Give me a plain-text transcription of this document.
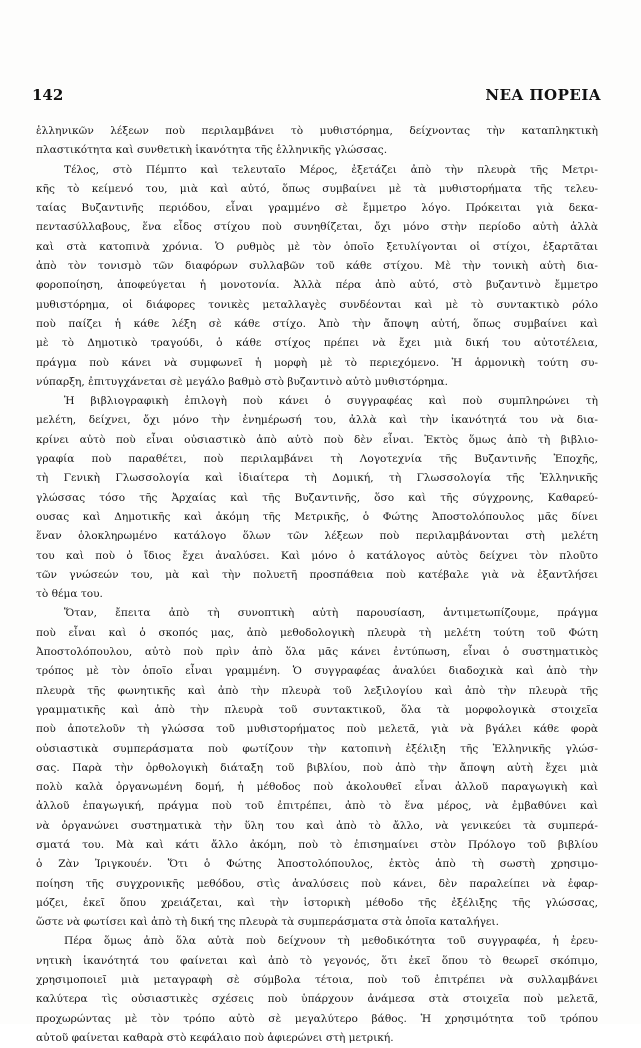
142	ΝΕΑ ΠΟΡΕΙΑ
ἑλληνικῶν λέξεων ποὺ περιλαμβάνει τὸ μυθιστόρημα, δείχνοντας τὴν καταπληκτικὴ
πλαστικότητα καὶ συνθετικὴ ἱκανότητα τῆς ἑλληνικῆς γλώσσας.
Τέλος, στὸ Πέμπτο καὶ τελευταῖο Μέρος, ἐξετάζει ἀπὸ τὴν πλευρὰ τῆς Μετρι-
κῆς τὸ κείμενό του, μιὰ καὶ αὐτό, ὅπως συμβαίνει μὲ τὰ μυθιστορήματα τῆς τελευ-
ταίας Βυζαντινῆς περιόδου, εἶναι γραμμένο σὲ ἔμμετρο λόγο. Πρόκειται γιὰ δεκα-
πεντασύλλαβους, ἕνα εἶδος στίχου ποὺ συνηθίζεται, ὄχι μόνο στὴν περίοδο αὐτὴ ἀλλὰ
καὶ στὰ κατοπινὰ χρόνια. Ὁ ρυθμὸς μὲ τὸν ὁποῖο ξετυλίγονται οἱ στίχοι, ἐξαρτᾶται
ἀπὸ τὸν τονισμὸ τῶν διαφόρων συλλαβῶν τοῦ κάθε στίχου. Μὲ τὴν τονικὴ αὐτὴ δια-
φοροποίηση, ἀποφεύγεται ἡ μονοτονία. Ἀλλὰ πέρα ἀπὸ αὐτό, στὸ βυζαντινὸ ἔμμετρο
μυθιστόρημα, οἱ διάφορες τονικὲς μεταλλαγὲς συνδέονται καὶ μὲ τὸ συντακτικὸ ρόλο
ποὺ παίζει ἡ κάθε λέξη σὲ κάθε στίχο. Ἀπὸ τὴν ἄποψη αὐτή, ὅπως συμβαίνει καὶ
μὲ τὸ Δημοτικὸ τραγούδι, ὁ κάθε στίχος πρέπει νὰ ἔχει μιὰ δική του αὐτοτέλεια,
πράγμα ποὺ κάνει νὰ συμφωνεῖ ἡ μορφὴ μὲ τὸ περιεχόμενο. Ἡ ἁρμονικὴ τούτη συ-
νύπαρξη, ἐπιτυγχάνεται σὲ μεγάλο βαθμὸ στὸ βυζαντινὸ αὐτὸ μυθιστόρημα.
Ἡ βιβλιογραφικὴ ἐπιλογὴ ποὺ κάνει ὁ συγγραφέας καὶ ποὺ συμπληρώνει τὴ
μελέτη, δείχνει, ὄχι μόνο τὴν ἐνημέρωσή του, ἀλλὰ καὶ τὴν ἱκανότητά του νὰ δια-
κρίνει αὐτὸ ποὺ εἶναι οὐσιαστικὸ ἀπὸ αὐτὸ ποὺ δὲν εἶναι. Ἐκτὸς ὅμως ἀπὸ τὴ βιβλιο-
γραφία ποὺ παραθέτει, ποὺ περιλαμβάνει τὴ Λογοτεχνία τῆς Βυζαντινῆς Ἐποχῆς,
τὴ Γενικὴ Γλωσσολογία καὶ ἰδιαίτερα τὴ Δομική, τὴ Γλωσσολογία τῆς Ἑλληνικῆς
γλώσσας τόσο τῆς Ἀρχαίας καὶ τῆς Βυζαντινῆς, ὅσο καὶ τῆς σύγχρονης, Καθαρεύ-
ουσας καὶ Δημοτικῆς καὶ ἀκόμη τῆς Μετρικῆς, ὁ Φώτης Ἀποστολόπουλος μᾶς δίνει
ἕναν ὁλοκληρωμένο κατάλογο ὅλων τῶν λέξεων ποὺ περιλαμβάνονται στὴ μελέτη
του καὶ ποὺ ὁ ἴδιος ἔχει ἀναλύσει. Καὶ μόνο ὁ κατάλογος αὐτὸς δείχνει τὸν πλοῦτο
τῶν γνώσεών του, μὰ καὶ τὴν πολυετῆ προσπάθεια ποὺ κατέβαλε γιὰ νὰ ἐξαντλήσει
τὸ θέμα του.
Ὅταν, ἔπειτα ἀπὸ τὴ συνοπτικὴ αὐτὴ παρουσίαση, ἀντιμετωπίζουμε, πράγμα
ποὺ εἶναι καὶ ὁ σκοπός μας, ἀπὸ μεθοδολογικὴ πλευρὰ τὴ μελέτη τούτη τοῦ Φώτη
Ἀποστολόπουλου, αὐτὸ ποὺ πρὶν ἀπὸ ὅλα μᾶς κάνει ἐντύπωση, εἶναι ὁ συστηματικὸς
τρόπος μὲ τὸν ὁποῖο εἶναι γραμμένη. Ὁ συγγραφέας ἀναλύει διαδοχικὰ καὶ ἀπὸ τὴν
πλευρὰ τῆς φωνητικῆς καὶ ἀπὸ τὴν πλευρὰ τοῦ λεξιλογίου καὶ ἀπὸ τὴν πλευρὰ τῆς
γραμματικῆς καὶ ἀπὸ τὴν πλευρὰ τοῦ συντακτικοῦ, ὅλα τὰ μορφολογικὰ στοιχεῖα
ποὺ ἀποτελοῦν τὴ γλώσσα τοῦ μυθιστορήματος ποὺ μελετᾶ, γιὰ νὰ βγάλει κάθε φορὰ
οὐσιαστικὰ συμπεράσματα ποὺ φωτίζουν τὴν κατοπινὴ ἐξέλιξη τῆς Ἑλληνικῆς γλώσ-
σας. Παρὰ τὴν ὀρθολογικὴ διάταξη τοῦ βιβλίου, ποὺ ἀπὸ τὴν ἄποψη αὐτὴ ἔχει μιὰ
πολὺ καλὰ ὀργανωμένη δομή, ἡ μέθοδος ποὺ ἀκολουθεῖ εἶναι ἀλλοῦ παραγωγικὴ καὶ
ἀλλοῦ ἐπαγωγική, πράγμα ποὺ τοῦ ἐπιτρέπει, ἀπὸ τὸ ἕνα μέρος, νὰ ἐμβαθύνει καὶ
νὰ ὀργανώνει συστηματικὰ τὴν ὕλη του καὶ ἀπὸ τὸ ἄλλο, νὰ γενικεύει τὰ συμπερά-
σματά του. Μὰ καὶ κάτι ἄλλο ἀκόμη, ποὺ τὸ ἐπισημαίνει στὸν Πρόλογο τοῦ βιβλίου
ὁ Ζὰν Ἰριγκουέν. Ὅτι ὁ Φώτης Ἀποστολόπουλος, ἐκτὸς ἀπὸ τὴ σωστὴ χρησιμο-
ποίηση τῆς συγχρονικῆς μεθόδου, στὶς ἀναλύσεις ποὺ κάνει, δὲν παραλείπει νὰ ἐφαρ-
μόζει, ἐκεῖ ὅπου χρειάζεται, καὶ τὴν ἱστορικὴ μέθοδο τῆς ἐξέλιξης τῆς γλώσσας,
ὥστε νὰ φωτίσει καὶ ἀπὸ τὴ δική της πλευρὰ τὰ συμπεράσματα στὰ ὁποῖα καταλήγει.
Πέρα ὅμως ἀπὸ ὅλα αὐτὰ ποὺ δείχνουν τὴ μεθοδικότητα τοῦ συγγραφέα, ἡ ἐρευ-
νητικὴ ἱκανότητά του φαίνεται καὶ ἀπὸ τὸ γεγονός, ὅτι ἐκεῖ ὅπου τὸ θεωρεῖ σκόπιμο,
χρησιμοποιεῖ μιὰ μεταγραφὴ σὲ σύμβολα τέτοια, ποὺ τοῦ ἐπιτρέπει νὰ συλλαμβάνει
καλύτερα τὶς οὐσιαστικὲς σχέσεις ποὺ ὑπάρχουν ἀνάμεσα στὰ στοιχεῖα ποὺ μελετᾶ,
προχωρώντας μὲ τὸν τρόπο αὐτὸ σὲ μεγαλύτερο βάθος. Ἡ χρησιμότητα τοῦ τρόπου
αὐτοῦ φαίνεται καθαρὰ στὸ κεφάλαιο ποὺ ἀφιερώνει στὴ μετρική.
